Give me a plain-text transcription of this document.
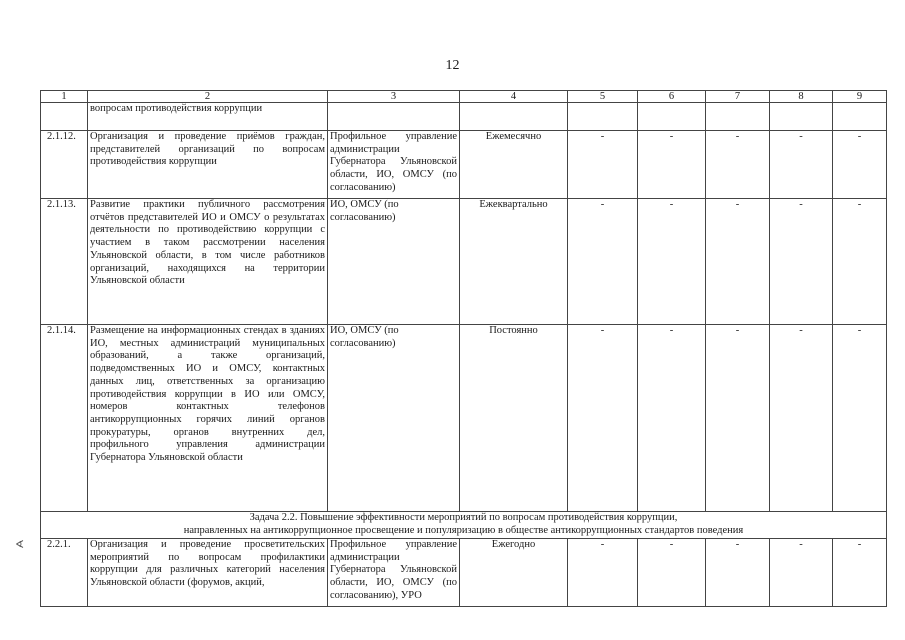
12
∢
1	2	3	4	5	6	7	8	9
	вопросам противодействия коррупции							
2.1.12.	Организация и проведение приёмов граждан, представителей организаций по вопросам противодействия коррупции	Профильное управление администрации Губернатора Ульяновской области, ИО, ОМСУ (по согласованию)	Ежемесячно	-	-	-	-	-
2.1.13.	Развитие практики публичного рассмотрения отчётов представителей ИО и ОМСУ о результатах деятельности по противодействию коррупции с участием в таком рассмотрении населения Ульяновской области, в том числе работников организаций, находящихся на территории Ульяновской области	ИО, ОМСУ (по согласованию)	Ежеквартально	-	-	-	-	-
2.1.14.	Размещение на информационных стендах в зданиях ИО, местных администраций муниципальных образований, а также организаций, подведомственных ИО и ОМСУ, контактных данных лиц, ответственных за организацию противодействия коррупции в ИО или ОМСУ, номеров контактных телефонов антикоррупционных горячих линий органов прокуратуры, органов внутренних дел, профильного управления администрации Губернатора Ульяновской области	ИО, ОМСУ (по согласованию)	Постоянно	-	-	-	-	-

Задача 2.2. Повышение эффективности мероприятий по вопросам противодействия коррупции,
направленных на антикоррупционное просвещение и популяризацию в обществе антикоррупционных стандартов поведения								

2.2.1.	Организация и проведение просветительских мероприятий по вопросам профилактики коррупции для различных категорий населения Ульяновской области (форумов, акций,	Профильное управление администрации Губернатора Ульяновской области, ИО, ОМСУ (по согласованию), УРО	Ежегодно	-	-	-	-	-
